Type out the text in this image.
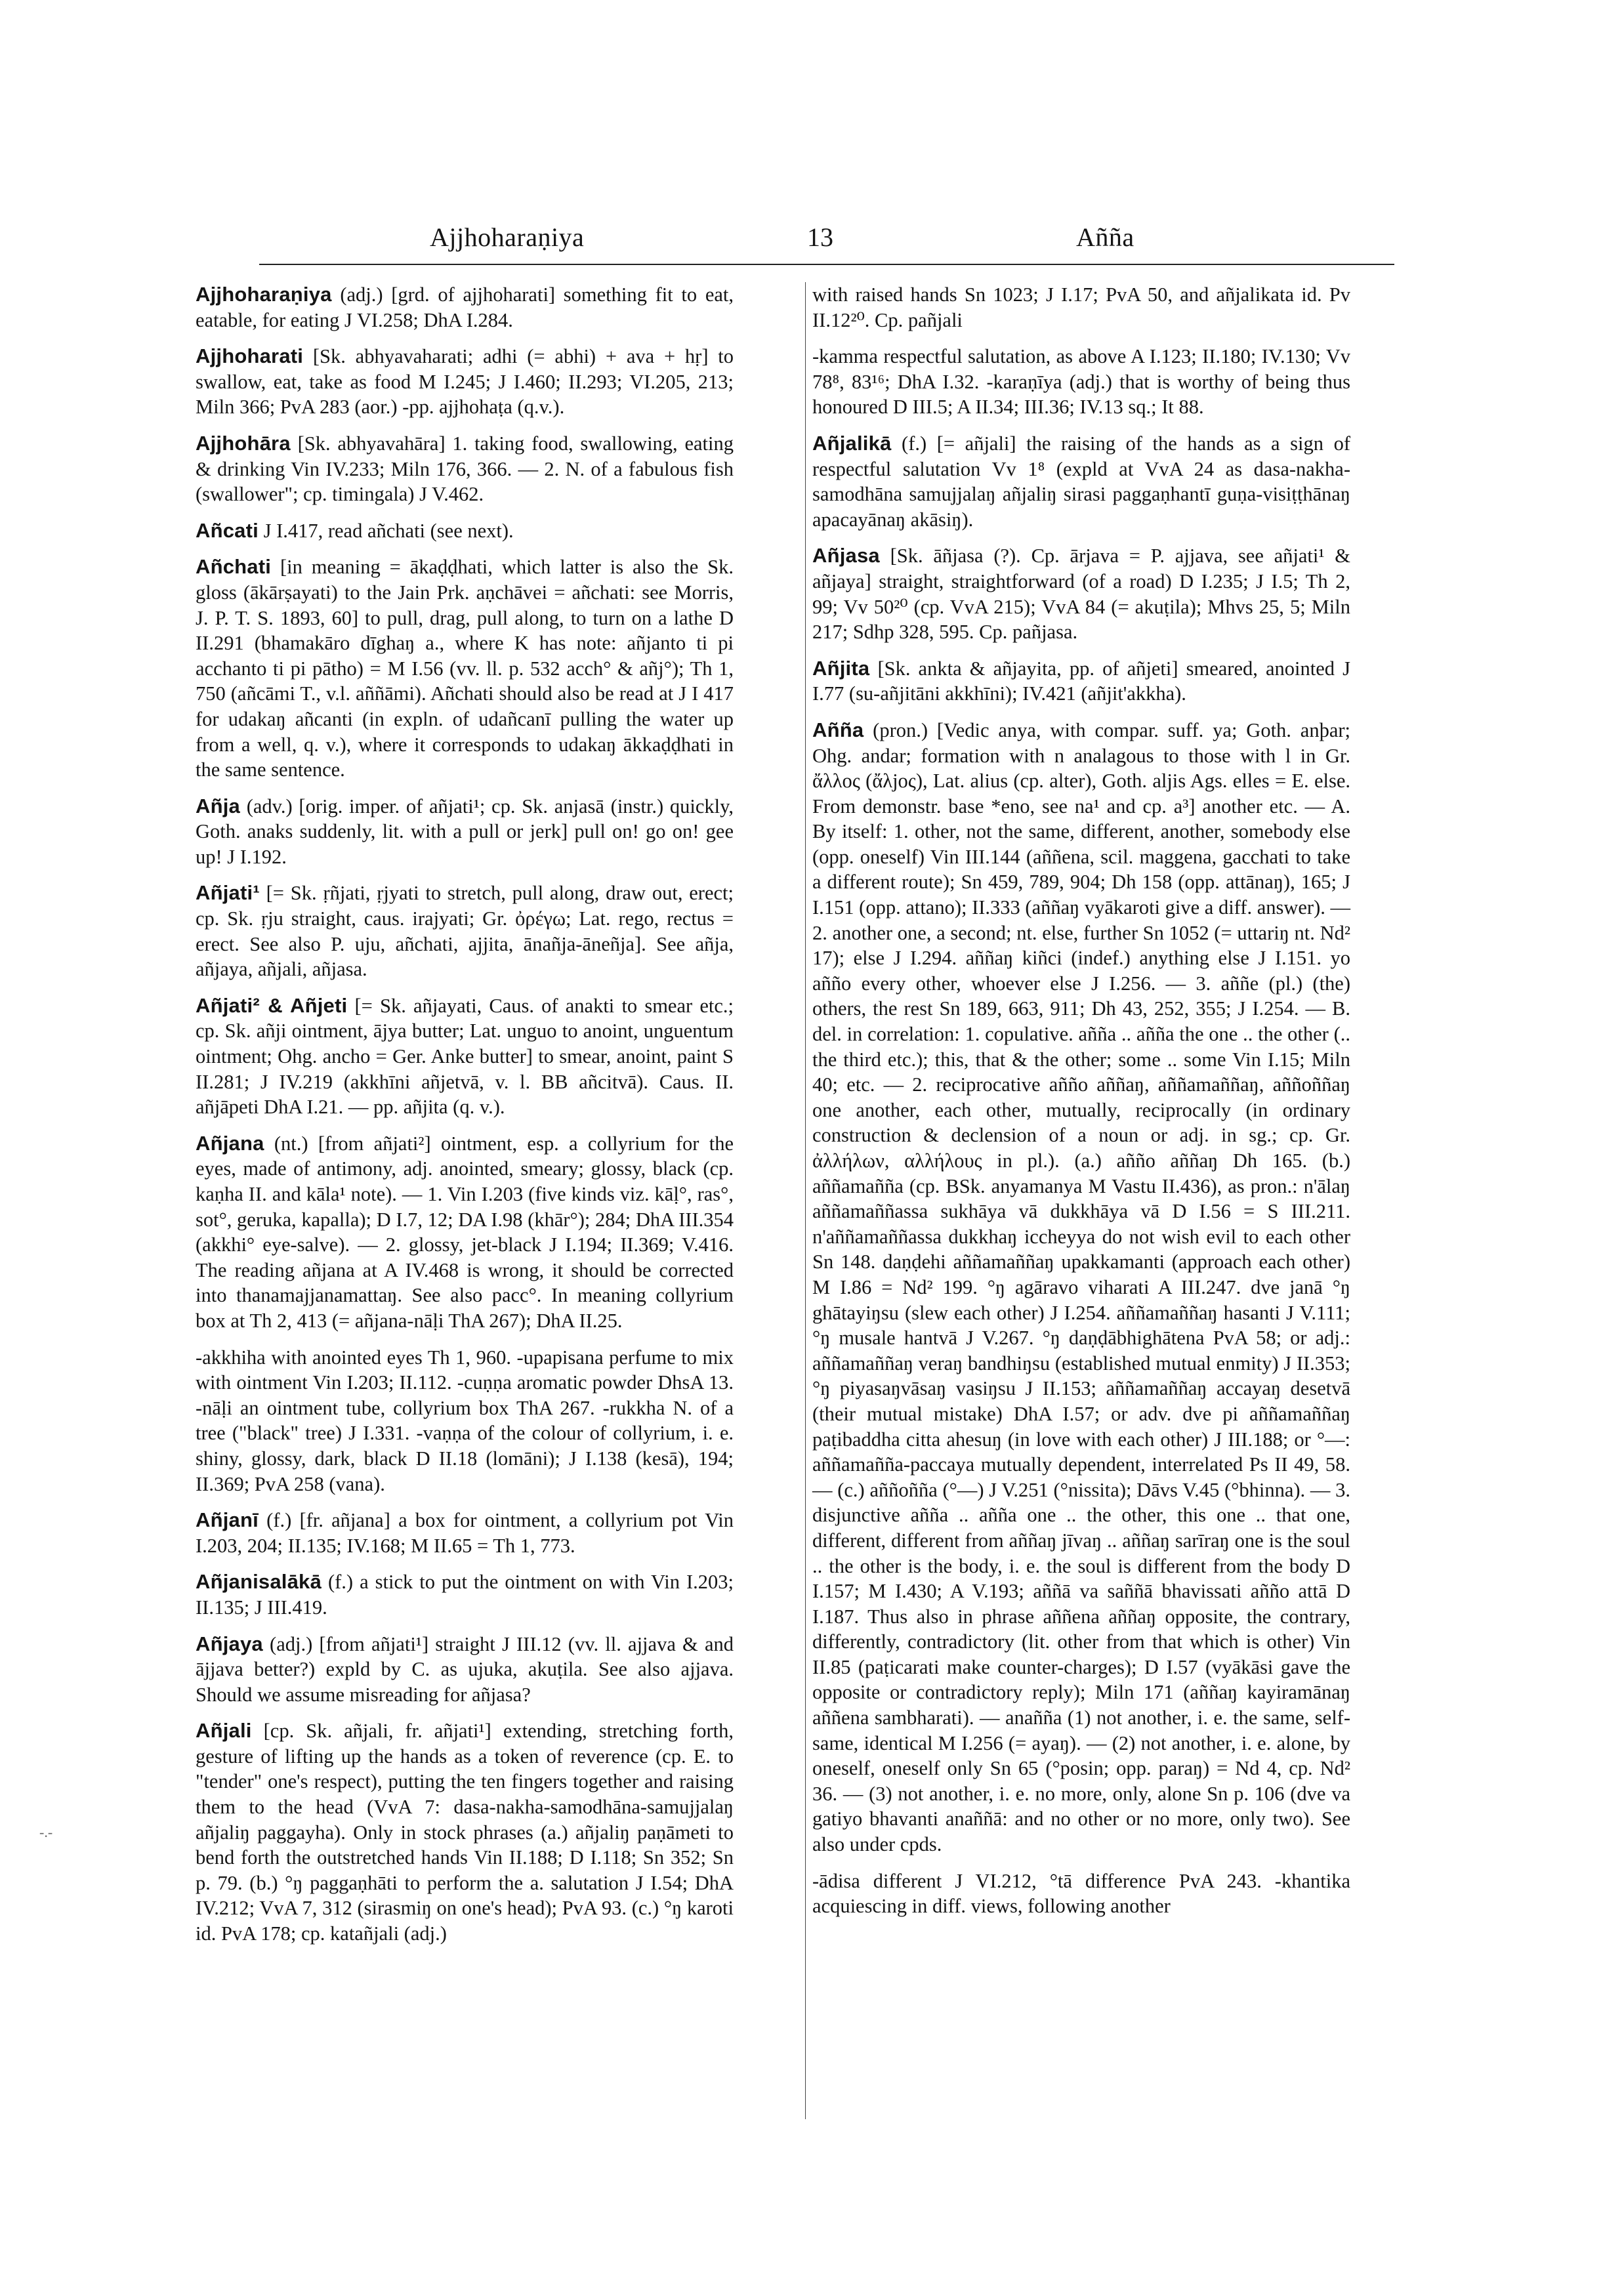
Ajjhoharaṇiya	13	Añña
-.-

Ajjhoharaṇiya (adj.) [grd. of ajjhoharati] something fit to eat, eatable, for eating J VI.258; DhA I.284.

Ajjhoharati [Sk. abhyavaharati; adhi (= abhi) + ava + hṛ] to swallow, eat, take as food M I.245; J I.460; II.293; VI.205, 213; Miln 366; PvA 283 (aor.) -pp. ajjhohaṭa (q.v.).

Ajjhohāra [Sk. abhyavahāra] 1. taking food, swallowing, eating & drinking Vin IV.233; Miln 176, 366. — 2. N. of a fabulous fish (swallower"; cp. timingala) J V.462.

Añcati J I.417, read añchati (see next).

Añchati [in meaning = ākaḍḍhati, which latter is also the Sk. gloss (ākārṣayati) to the Jain Prk. aṇchāvei = añchati: see Morris, J. P. T. S. 1893, 60] to pull, drag, pull along, to turn on a lathe D II.291 (bhamakāro dīghaŋ a., where K has note: añjanto ti pi acchanto ti pi pātho) = M I.56 (vv. ll. p. 532 acch° & añj°); Th 1, 750 (añcāmi T., v.l. aññāmi). Añchati should also be read at J I 417 for udakaŋ añcanti (in expln. of udañcanī pulling the water up from a well, q. v.), where it corresponds to udakaŋ ākkaḍḍhati in the same sentence.

Añja (adv.) [orig. imper. of añjati¹; cp. Sk. anjasā (instr.) quickly, Goth. anaks suddenly, lit. with a pull or jerk] pull on! go on! gee up! J I.192.

Añjati¹ [= Sk. ṛñjati, ṛjyati to stretch, pull along, draw out, erect; cp. Sk. ṛju straight, caus. irajyati; Gr. ὀρέγω; Lat. rego, rectus = erect. See also P. uju, añchati, ajjita, ānañja-āneñja]. See añja, añjaya, añjali, añjasa.

Añjati² & Añjeti [= Sk. añjayati, Caus. of anakti to smear etc.; cp. Sk. añji ointment, ājya butter; Lat. unguo to anoint, unguentum ointment; Ohg. ancho = Ger. Anke butter] to smear, anoint, paint S II.281; J IV.219 (akkhīni añjetvā, v. l. BB añcitvā). Caus. II. añjāpeti DhA I.21. — pp. añjita (q. v.).

Añjana (nt.) [from añjati²] ointment, esp. a collyrium for the eyes, made of antimony, adj. anointed, smeary; glossy, black (cp. kaṇha II. and kāla¹ note). — 1. Vin I.203 (five kinds viz. kāḷ°, ras°, sot°, geruka, kapalla); D I.7, 12; DA I.98 (khār°); 284; DhA III.354 (akkhi° eye-salve). — 2. glossy, jet-black J I.194; II.369; V.416. The reading añjana at A IV.468 is wrong, it should be corrected into thanamajjanamattaŋ. See also pacc°. In meaning collyrium box at Th 2, 413 (= añjana-nāḷi ThA 267); DhA II.25.

-akkhiha with anointed eyes Th 1, 960. -upapisana perfume to mix with ointment Vin I.203; II.112. -cuṇṇa aromatic powder DhsA 13. -nāḷi an ointment tube, collyrium box ThA 267. -rukkha N. of a tree ("black" tree) J I.331. -vaṇṇa of the colour of collyrium, i. e. shiny, glossy, dark, black D II.18 (lomāni); J I.138 (kesā), 194; II.369; PvA 258 (vana).

Añjanī (f.) [fr. añjana] a box for ointment, a collyrium pot Vin I.203, 204; II.135; IV.168; M II.65 = Th 1, 773.

Añjanisalākā (f.) a stick to put the ointment on with Vin I.203; II.135; J III.419.

Añjaya (adj.) [from añjati¹] straight J III.12 (vv. ll. ajjava & and ājjava better?) expld by C. as ujuka, akuṭila. See also ajjava. Should we assume misreading for añjasa?

Añjali [cp. Sk. añjali, fr. añjati¹] extending, stretching forth, gesture of lifting up the hands as a token of reverence (cp. E. to "tender" one's respect), putting the ten fingers together and raising them to the head (VvA 7: dasa-nakha-samodhāna-samujjalaŋ añjaliŋ paggayha). Only in stock phrases (a.) añjaliŋ paṇāmeti to bend forth the outstretched hands Vin II.188; D I.118; Sn 352; Sn p. 79. (b.) °ŋ paggaṇhāti to perform the a. salutation J I.54; DhA IV.212; VvA 7, 312 (sirasmiŋ on one's head); PvA 93. (c.) °ŋ karoti id. PvA 178; cp. katañjali (adj.)

with raised hands Sn 1023; J I.17; PvA 50, and añjalikata id. Pv II.12²⁰. Cp. pañjali

-kamma respectful salutation, as above A I.123; II.180; IV.130; Vv 78⁸, 83¹⁶; DhA I.32. -karaṇīya (adj.) that is worthy of being thus honoured D III.5; A II.34; III.36; IV.13 sq.; It 88.

Añjalikā (f.) [= añjali] the raising of the hands as a sign of respectful salutation Vv 1⁸ (expld at VvA 24 as dasa-nakha-samodhāna samujjalaŋ añjaliŋ sirasi paggaṇhantī guṇa-visiṭṭhānaŋ apacayānaŋ akāsiŋ).

Añjasa [Sk. āñjasa (?). Cp. ārjava = P. ajjava, see añjati¹ & añjaya] straight, straightforward (of a road) D I.235; J I.5; Th 2, 99; Vv 50²⁰ (cp. VvA 215); VvA 84 (= akuṭila); Mhvs 25, 5; Miln 217; Sdhp 328, 595. Cp. pañjasa.

Añjita [Sk. ankta & añjayita, pp. of añjeti] smeared, anointed J I.77 (su-añjitāni akkhīni); IV.421 (añjit'akkha).

Añña (pron.) [Vedic anya, with compar. suff. ya; Goth. anþar; Ohg. andar; formation with n analagous to those with l in Gr. ἄλλος (ἄλjος), Lat. alius (cp. alter), Goth. aljis Ags. elles = E. else. From demonstr. base *eno, see na¹ and cp. a³] another etc. — A. By itself: 1. other, not the same, different, another, somebody else (opp. oneself) Vin III.144 (aññena, scil. maggena, gacchati to take a different route); Sn 459, 789, 904; Dh 158 (opp. attānaŋ), 165; J I.151 (opp. attano); II.333 (aññaŋ vyākaroti give a diff. answer). — 2. another one, a second; nt. else, further Sn 1052 (= uttariŋ nt. Nd² 17); else J I.294. aññaŋ kiñci (indef.) anything else J I.151. yo añño every other, whoever else J I.256. — 3. aññe (pl.) (the) others, the rest Sn 189, 663, 911; Dh 43, 252, 355; J I.254. — B. del. in correlation: 1. copulative. añña .. añña the one .. the other (.. the third etc.); this, that & the other; some .. some Vin I.15; Miln 40; etc. — 2. reciprocative añño aññaŋ, aññamaññaŋ, aññoññaŋ one another, each other, mutually, reciprocally (in ordinary construction & declension of a noun or adj. in sg.; cp. Gr. ἀλλήλων, αλλήλους in pl.). (a.) añño aññaŋ Dh 165. (b.) aññamañña (cp. BSk. anyamanya M Vastu II.436), as pron.: n'ālaŋ aññamaññassa sukhāya vā dukkhāya vā D I.56 = S III.211. n'aññamaññassa dukkhaŋ iccheyya do not wish evil to each other Sn 148. daṇḍehi aññamaññaŋ upakkamanti (approach each other) M I.86 = Nd² 199. °ŋ agāravo viharati A III.247. dve janā °ŋ ghātayiŋsu (slew each other) J I.254. aññamaññaŋ hasanti J V.111; °ŋ musale hantvā J V.267. °ŋ daṇḍābhighātena PvA 58; or adj.: aññamaññaŋ veraŋ bandhiŋsu (established mutual enmity) J II.353; °ŋ piyasaŋvāsaŋ vasiŋsu J II.153; aññamaññaŋ accayaŋ desetvā (their mutual mistake) DhA I.57; or adv. dve pi aññamaññaŋ paṭibaddha citta ahesuŋ (in love with each other) J III.188; or °—: aññamañña-paccaya mutually dependent, interrelated Ps II 49, 58. — (c.) aññoñña (°—) J V.251 (°nissita); Dāvs V.45 (°bhinna). — 3. disjunctive añña .. añña one .. the other, this one .. that one, different, different from aññaŋ jīvaŋ .. aññaŋ sarīraŋ one is the soul .. the other is the body, i. e. the soul is different from the body D I.157; M I.430; A V.193; aññā va saññā bhavissati añño attā D I.187. Thus also in phrase aññena aññaŋ opposite, the contrary, differently, contradictory (lit. other from that which is other) Vin II.85 (paṭicarati make counter-charges); D I.57 (vyākāsi gave the opposite or contradictory reply); Miln 171 (aññaŋ kayiramānaŋ aññena sambharati). — anañña (1) not another, i. e. the same, self-same, identical M I.256 (= ayaŋ). — (2) not another, i. e. alone, by oneself, oneself only Sn 65 (°posin; opp. paraŋ) = Nd 4, cp. Nd² 36. — (3) not another, i. e. no more, only, alone Sn p. 106 (dve va gatiyo bhavanti anaññā: and no other or no more, only two). See also under cpds.

-ādisa different J VI.212, °tā difference PvA 243. -khantika acquiescing in diff. views, following another
